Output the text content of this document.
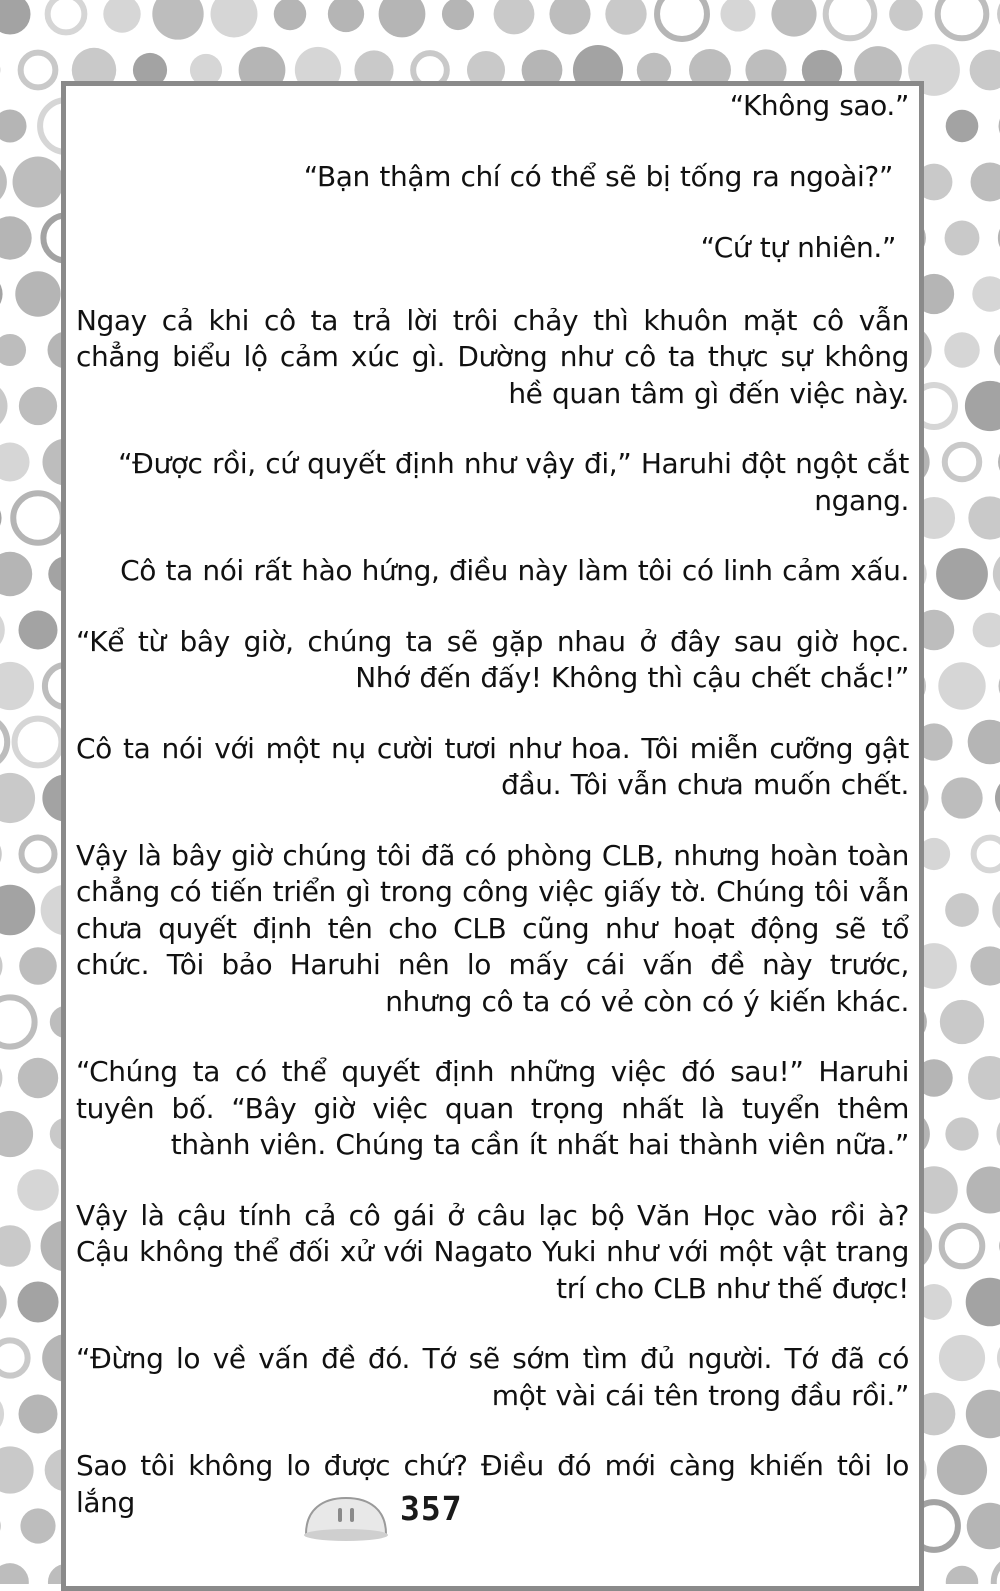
“Không sao.”

“Bạn thậm chí có thể sẽ bị tống ra ngoài?”

“Cứ tự nhiên.”

Ngay cả khi cô ta trả lời trôi chảy thì khuôn mặt cô vẫn chẳng biểu lộ cảm xúc gì. Dường như cô ta thực sự không hề quan tâm gì đến việc này.

“Được rồi, cứ quyết định như vậy đi,” Haruhi đột ngột cắt ngang.

Cô ta nói rất hào hứng, điều này làm tôi có linh cảm xấu.

“Kể từ bây giờ, chúng ta sẽ gặp nhau ở đây sau giờ học. Nhớ đến đấy! Không thì cậu chết chắc!”

Cô ta nói với một nụ cười tươi như hoa. Tôi miễn cưỡng gật đầu. Tôi vẫn chưa muốn chết.

Vậy là bây giờ chúng tôi đã có phòng CLB, nhưng hoàn toàn chẳng có tiến triển gì trong công việc giấy tờ. Chúng tôi vẫn chưa quyết định tên cho CLB cũng như hoạt động sẽ tổ chức. Tôi bảo Haruhi nên lo mấy cái vấn đề này trước, nhưng cô ta có vẻ còn có ý kiến khác.

“Chúng ta có thể quyết định những việc đó sau!” Haruhi tuyên bố. “Bây giờ việc quan trọng nhất là tuyển thêm thành viên. Chúng ta cần ít nhất hai thành viên nữa.”

Vậy là cậu tính cả cô gái ở câu lạc bộ Văn Học vào rồi à? Cậu không thể đối xử với Nagato Yuki như với một vật trang trí cho CLB như thế được!

“Đừng lo về vấn đề đó. Tớ sẽ sớm tìm đủ người. Tớ đã có một vài cái tên trong đầu rồi.”

Sao tôi không lo được chứ? Điều đó mới càng khiến tôi lo lắng	357
